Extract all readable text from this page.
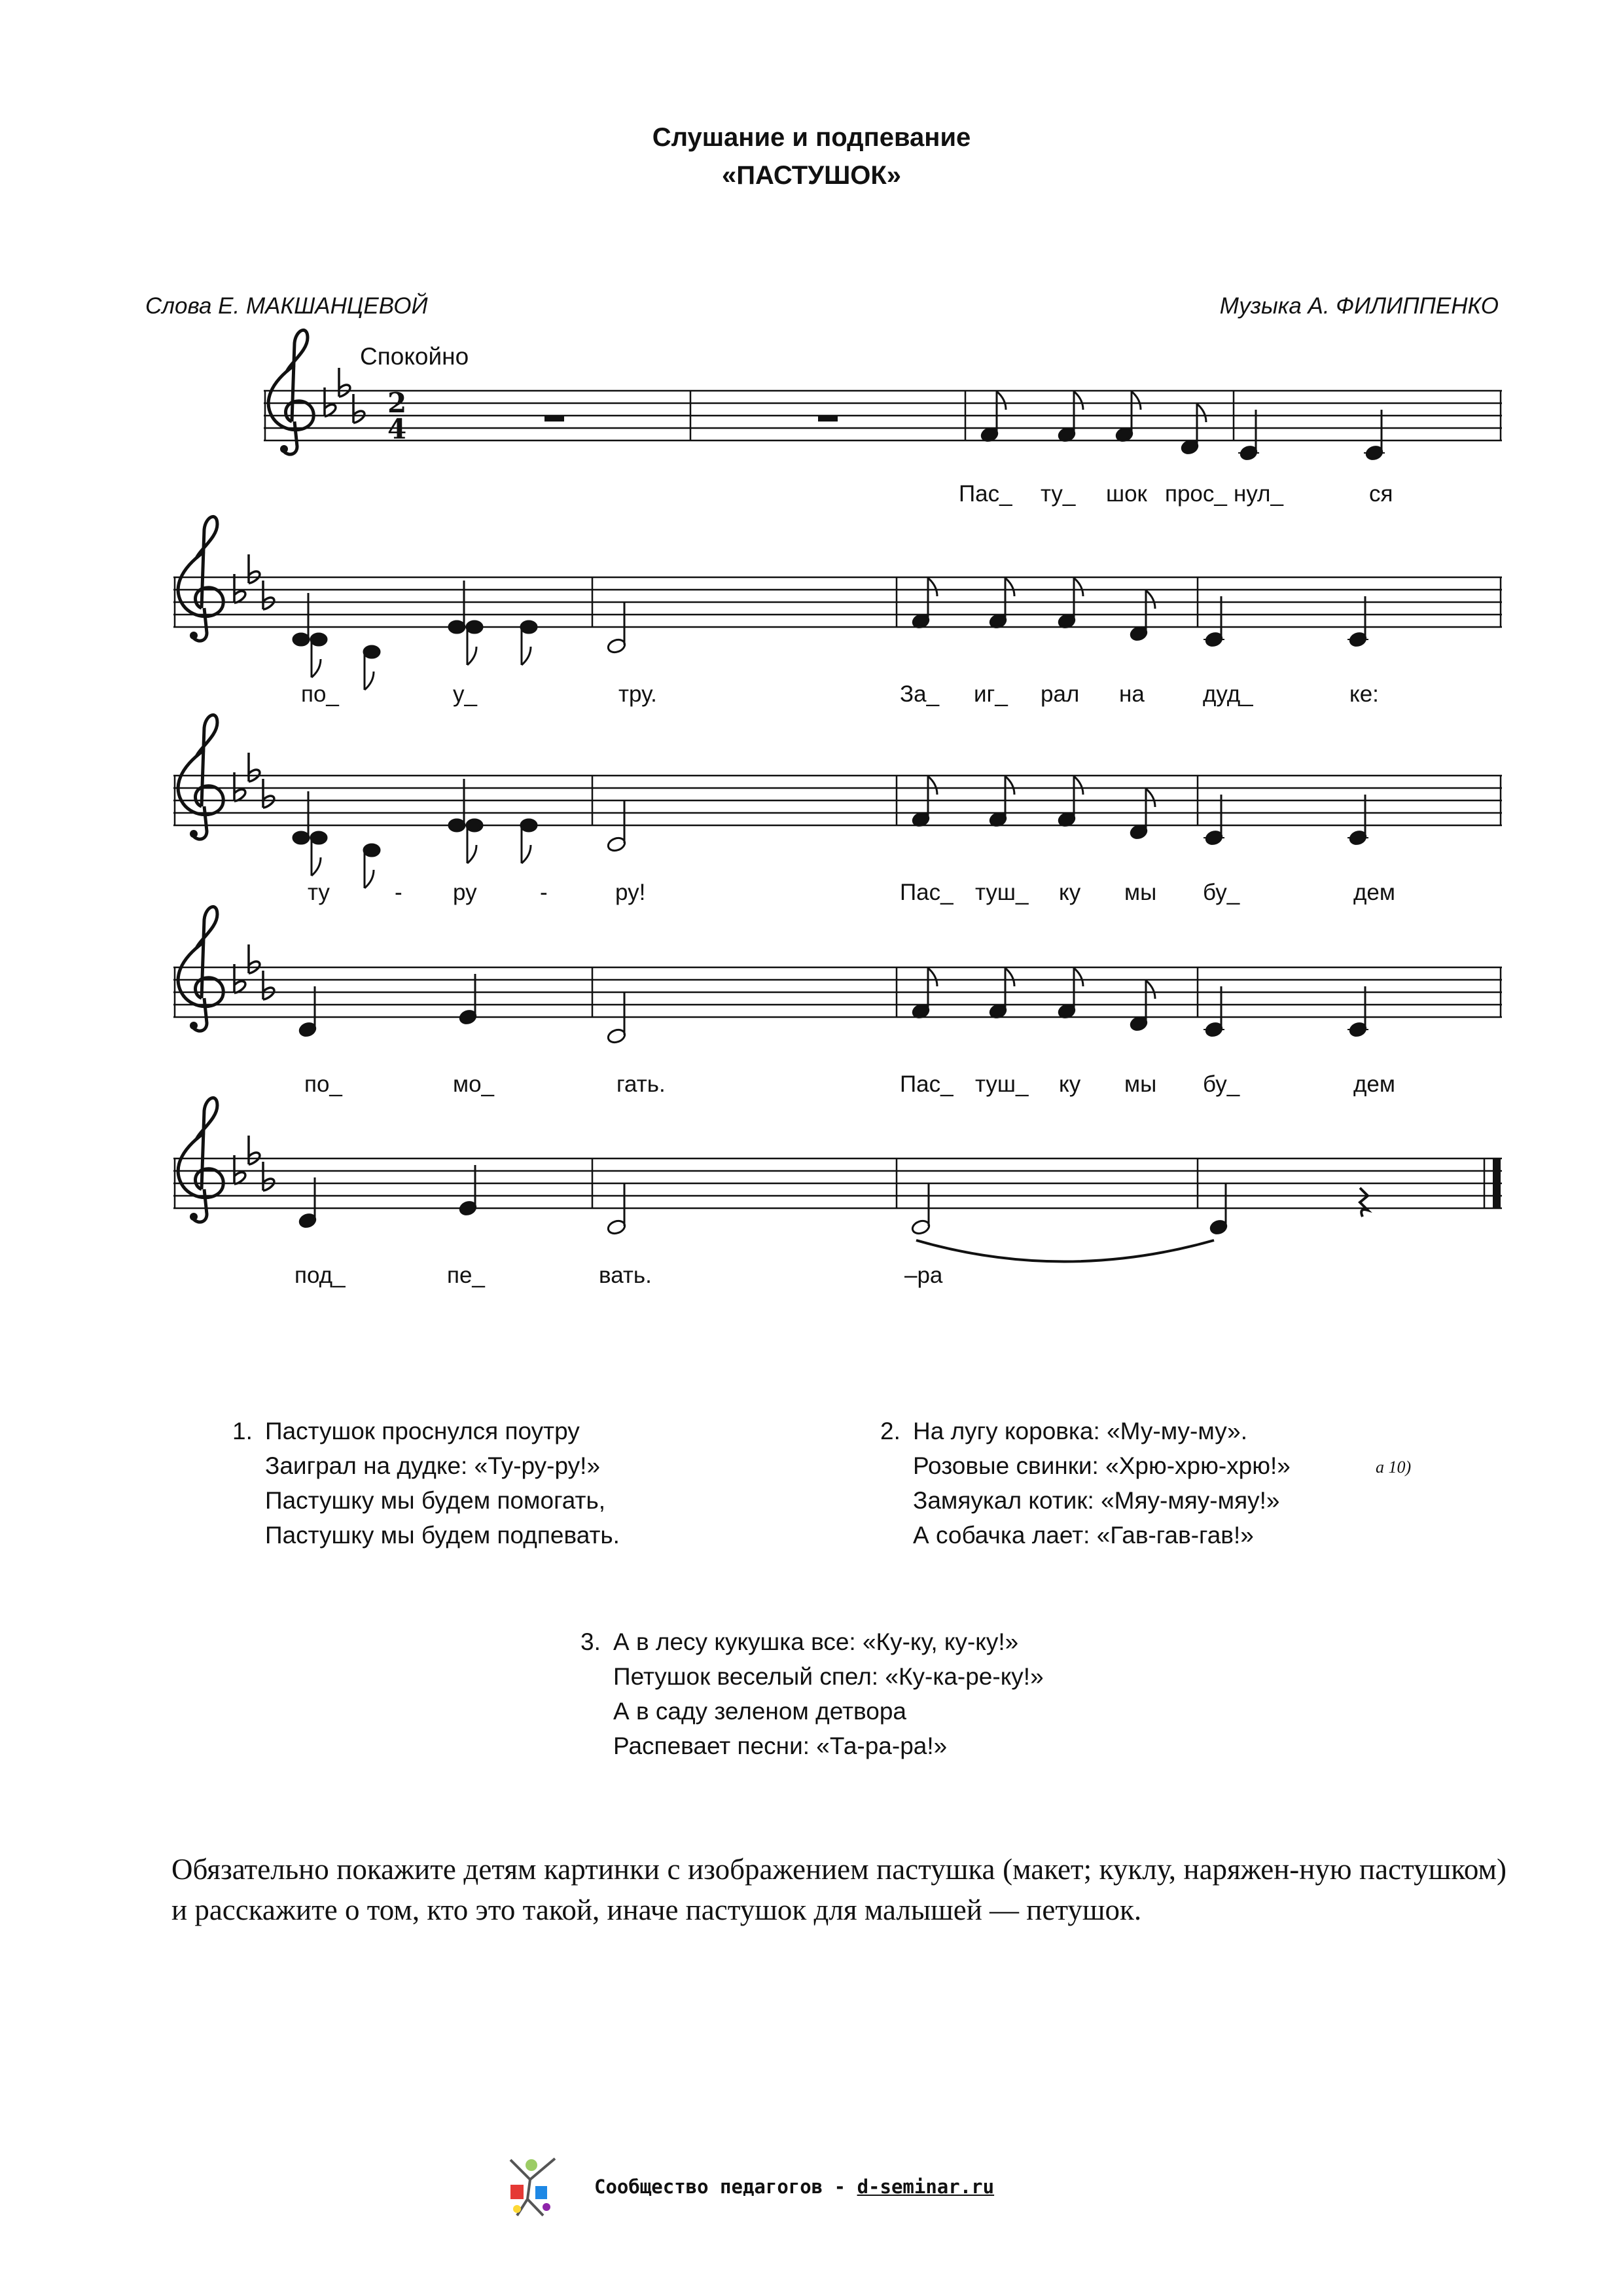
Слушание и подпевание
«ПАСТУШОК»
Слова Е. МАКШАНЦЕВОЙ	Музыка А. ФИЛИППЕНКО
Спокойно
2
4
Пас_ ту_ шок прос_ нул_	ся
по_	у_	тру.	За_ иг_ рал на	дуд_	ке:
ту	- ру	-	ру!	Пас_ туш_ ку мы бу_	дем
по_	мо_	гать.	Пас_ туш_ ку мы бу_	дем
под_	пе_	вать.	–ра
1. Пастушок проснулся поутру
Заиграл на дудке: «Ту-ру-ру!»
Пастушку мы будем помогать,
Пастушку мы будем подпевать.
2. На лугу коровка: «Му-му-му».
Розовые свинки: «Хрю-хрю-хрю!»
Замяукал котик: «Мяу-мяу-мяу!»
А собачка лает: «Гав-гав-гав!»
а 10)
3. А в лесу кукушка все: «Ку-ку, ку-ку!»
Петушок веселый спел: «Ку-ка-ре-ку!»
А в саду зеленом детвора
Распевает песни: «Та-ра-ра!»
Обязательно покажите детям картинки с изображением пастушка (макет; куклу, наряжен-ную пастушком) и расскажите о том, кто это такой, иначе пастушок для малышей — петушок.
Сообщество педагогов - d-seminar.ru
